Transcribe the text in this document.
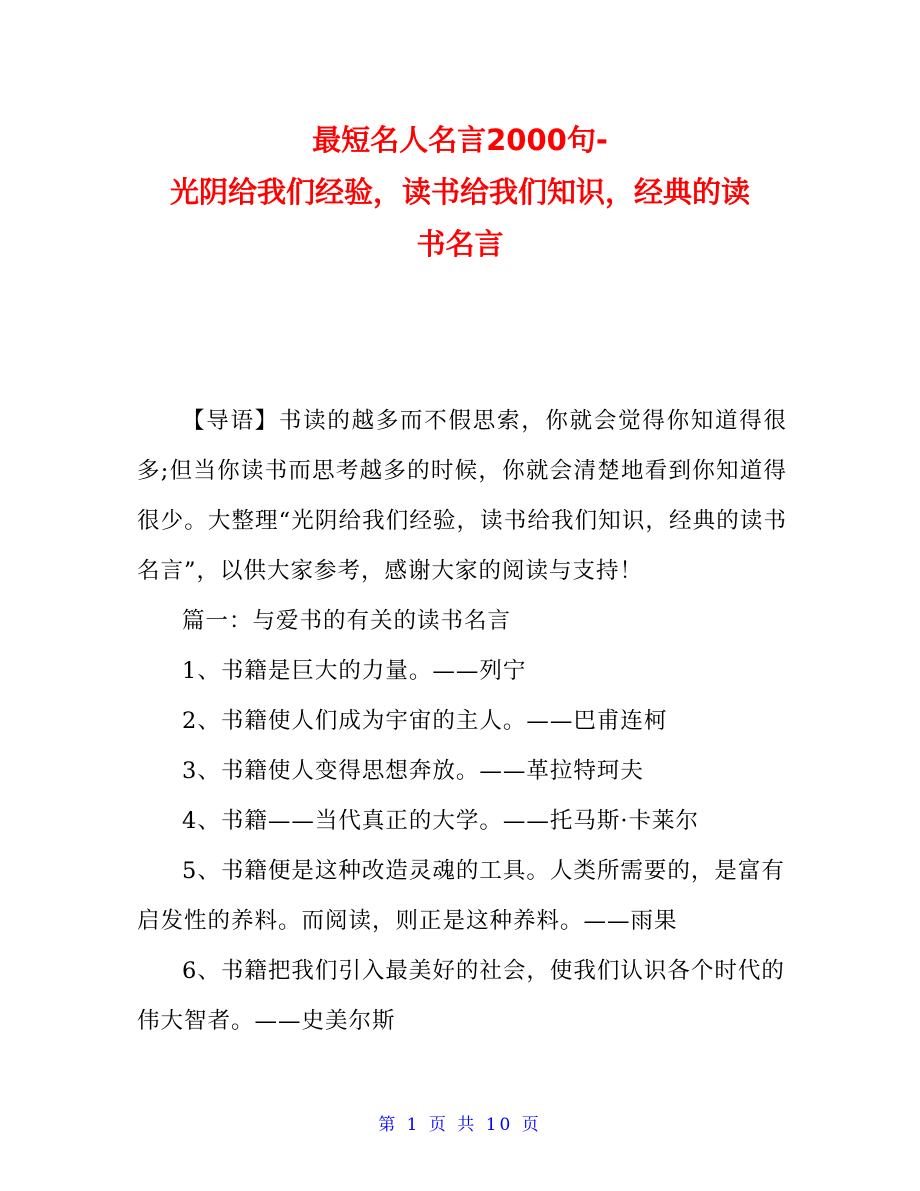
最短名人名言2000句-
光阴给我们经验，读书给我们知识，经典的读
书名言

【导语】书读的越多而不假思索，你就会觉得你知道得很多;但当你读书而思考越多的时候，你就会清楚地看到你知道得很少。大整理“光阴给我们经验，读书给我们知识，经典的读书名言”，以供大家参考，感谢大家的阅读与支持！

篇一：与爱书的有关的读书名言

1、书籍是巨大的力量。——列宁

2、书籍使人们成为宇宙的主人。——巴甫连柯

3、书籍使人变得思想奔放。——革拉特珂夫

4、书籍——当代真正的大学。——托马斯·卡莱尔

5、书籍便是这种改造灵魂的工具。人类所需要的，是富有启发性的养料。而阅读，则正是这种养料。——雨果

6、书籍把我们引入最美好的社会，使我们认识各个时代的伟大智者。——史美尔斯

第 1 页 共 10 页
